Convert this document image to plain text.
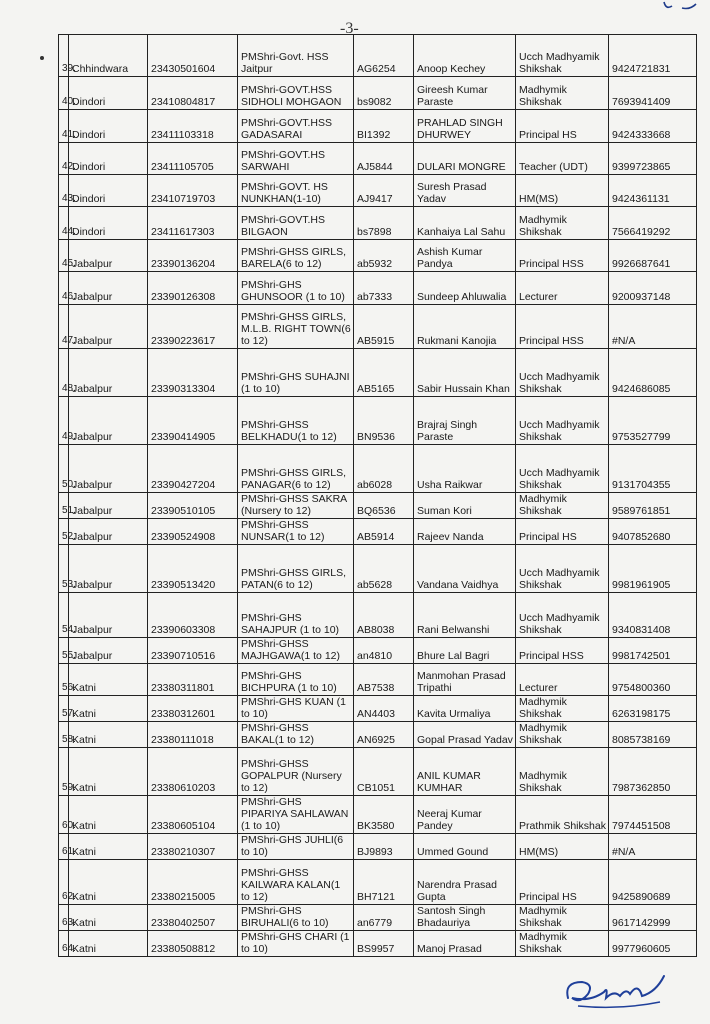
-3-
39.	Chhindwara	23430501604	PMShri-Govt. HSS Jaitpur	AG6254	Anoop Kechey	Ucch Madhyamik Shikshak	9424721831
40.	Dindori	23410804817	PMShri-GOVT.HSS SIDHOLI MOHGAON	bs9082	Gireesh Kumar Paraste	Madhymik Shikshak	7693941409
41.	Dindori	23411103318	PMShri-GOVT.HSS GADASARAI	BI1392	PRAHLAD SINGH DHURWEY	Principal HS	9424333668
42.	Dindori	23411105705	PMShri-GOVT.HS SARWAHI	AJ5844	DULARI MONGRE	Teacher (UDT)	9399723865
43.	Dindori	23410719703	PMShri-GOVT. HS NUNKHAN(1-10)	AJ9417	Suresh Prasad Yadav	HM(MS)	9424361131
44.	Dindori	23411617303	PMShri-GOVT.HS BILGAON	bs7898	Kanhaiya Lal Sahu	Madhymik Shikshak	7566419292
45.	Jabalpur	23390136204	PMShri-GHSS GIRLS, BARELA(6 to 12)	ab5932	Ashish Kumar Pandya	Principal HSS	9926687641
46.	Jabalpur	23390126308	PMShri-GHS GHUNSOOR (1 to 10)	ab7333	Sundeep Ahluwalia	Lecturer	9200937148
47.	Jabalpur	23390223617	PMShri-GHSS GIRLS, M.L.B. RIGHT TOWN(6 to 12)	AB5915	Rukmani Kanojia	Principal HSS	#N/A
48.	Jabalpur	23390313304	PMShri-GHS SUHAJNI (1 to 10)	AB5165	Sabir Hussain Khan	Ucch Madhyamik Shikshak	9424686085
49.	Jabalpur	23390414905	PMShri-GHSS BELKHADU(1 to 12)	BN9536	Brajraj Singh Paraste	Ucch Madhyamik Shikshak	9753527799
50.	Jabalpur	23390427204	PMShri-GHSS GIRLS, PANAGAR(6 to 12)	ab6028	Usha Raikwar	Ucch Madhyamik Shikshak	9131704355
51.	Jabalpur	23390510105	PMShri-GHSS SAKRA (Nursery to 12)	BQ6536	Suman Kori	Madhymik Shikshak	9589761851
52.	Jabalpur	23390524908	PMShri-GHSS NUNSAR(1 to 12)	AB5914	Rajeev Nanda	Principal HS	9407852680
53.	Jabalpur	23390513420	PMShri-GHSS GIRLS, PATAN(6 to 12)	ab5628	Vandana Vaidhya	Ucch Madhyamik Shikshak	9981961905
54.	Jabalpur	23390603308	PMShri-GHS SAHAJPUR (1 to 10)	AB8038	Rani Belwanshi	Ucch Madhyamik Shikshak	9340831408
55.	Jabalpur	23390710516	PMShri-GHSS MAJHGAWA(1 to 12)	an4810	Bhure Lal Bagri	Principal HSS	9981742501
56.	Katni	23380311801	PMShri-GHS BICHPURA (1 to 10)	AB7538	Manmohan Prasad Tripathi	Lecturer	9754800360
57.	Katni	23380312601	PMShri-GHS KUAN (1 to 10)	AN4403	Kavita Urmaliya	Madhymik Shikshak	6263198175
58.	Katni	23380111018	PMShri-GHSS BAKAL(1 to 12)	AN6925	Gopal Prasad Yadav	Madhymik Shikshak	8085738169
59.	Katni	23380610203	PMShri-GHSS GOPALPUR (Nursery to 12)	CB1051	ANIL KUMAR KUMHAR	Madhymik Shikshak	7987362850
60.	Katni	23380605104	PMShri-GHS PIPARIYA SAHLAWAN (1 to 10)	BK3580	Neeraj Kumar Pandey	Prathmik Shikshak	7974451508
61.	Katni	23380210307	PMShri-GHS JUHLI(6 to 10)	BJ9893	Ummed Gound	HM(MS)	#N/A
62.	Katni	23380215005	PMShri-GHSS KAILWARA KALAN(1 to 12)	BH7121	Narendra Prasad Gupta	Principal HS	9425890689
63.	Katni	23380402507	PMShri-GHS BIRUHALI(6 to 10)	an6779	Santosh Singh Bhadauriya	Madhymik Shikshak	9617142999
64.	Katni	23380508812	PMShri-GHS CHARI (1 to 10)	BS9957	Manoj Prasad	Madhymik Shikshak	9977960605
